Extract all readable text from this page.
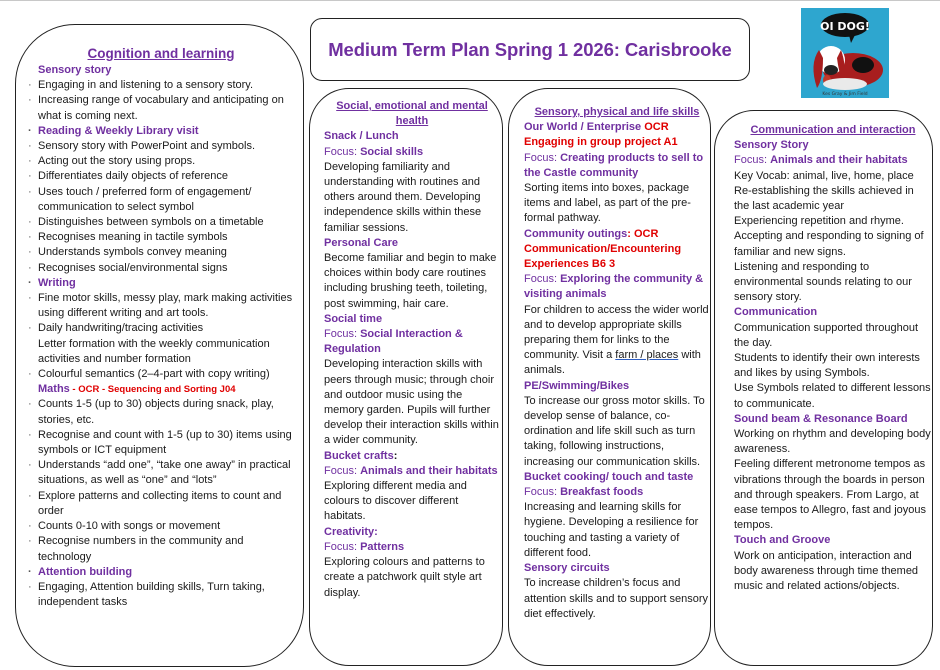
Medium Term Plan Spring 1 2026: Carisbrooke
OI DOG!
Kes Gray & Jim Field
Cognition and learning
Sensory story
· Engaging in and listening to a sensory story.
· Increasing range of vocabulary and anticipating on what is coming next.
· Reading & Weekly Library visit
· Sensory story with PowerPoint and symbols.
· Acting out the story using props.
· Differentiates daily objects of reference
· Uses touch / preferred form of engagement/ communication to select symbol
· Distinguishes between symbols on a timetable
· Recognises meaning in tactile symbols
· Understands symbols convey meaning
· Recognises social/environmental signs
· Writing
· Fine motor skills, messy play, mark making activities using different writing and art tools.
· Daily handwriting/tracing activities
Letter formation with the weekly communication activities and number formation
· Colourful semantics (2–4-part with copy writing)
Maths - OCR - Sequencing and Sorting J04
· Counts 1-5 (up to 30) objects during snack, play, stories, etc.
· Recognise and count with 1-5 (up to 30) items using symbols or ICT equipment
· Understands “add one”, “take one away” in practical situations, as well as “one” and “lots”
· Explore patterns and collecting items to count and order
· Counts 0-10 with songs or movement
· Recognise numbers in the community and technology
· Attention building
· Engaging, Attention building skills, Turn taking, independent tasks
Social, emotional and mental health
Snack / Lunch
Focus: Social skills
Developing familiarity and understanding with routines and others around them. Developing independence skills within these familiar sessions.
Personal Care
Become familiar and begin to make choices within body care routines including brushing teeth, toileting, post swimming, hair care.
Social time
Focus: Social Interaction & Regulation
Developing interaction skills with peers through music; through choir and outdoor music using the memory garden. Pupils will further develop their interaction skills within a wider community.
Bucket crafts:
Focus: Animals and their habitats
Exploring different media and colours to discover different habitats.
Creativity:
Focus: Patterns
Exploring colours and patterns to create a patchwork quilt style art display.
Sensory, physical and life skills
Our World / Enterprise OCR Engaging in group project A1
Focus: Creating products to sell to the Castle community
Sorting items into boxes, package items and label, as part of the pre-formal pathway.
Community outings: OCR Communication/Encountering Experiences B6 3
Focus: Exploring the community & visiting animals
For children to access the wider world and to develop appropriate skills preparing them for links to the community. Visit a farm / places with animals.
PE/Swimming/Bikes
To increase our gross motor skills. To develop sense of balance, co-ordination and life skill such as turn taking, following instructions, increasing our communication skills.
Bucket cooking/ touch and taste
Focus: Breakfast foods
Increasing and learning skills for hygiene. Developing a resilience for touching and tasting a variety of different food.
Sensory circuits
To increase children’s focus and attention skills and to support sensory diet effectively.
Communication and interaction
Sensory Story
Focus: Animals and their habitats
Key Vocab: animal, live, home, place
Re-establishing the skills achieved in the last academic year
Experiencing repetition and rhyme.
Accepting and responding to signing of familiar and new signs.
Listening and responding to environmental sounds relating to our sensory story.
Communication
Communication supported throughout the day.
Students to identify their own interests and likes by using Symbols.
Use Symbols related to different lessons to communicate.
Sound beam & Resonance Board
Working on rhythm and developing body awareness.
Feeling different metronome tempos as vibrations through the boards in person and through speakers. From Largo, at ease tempos to Allegro, fast and joyous tempos.
Touch and Groove
Work on anticipation, interaction and body awareness through time themed music and related actions/objects.
